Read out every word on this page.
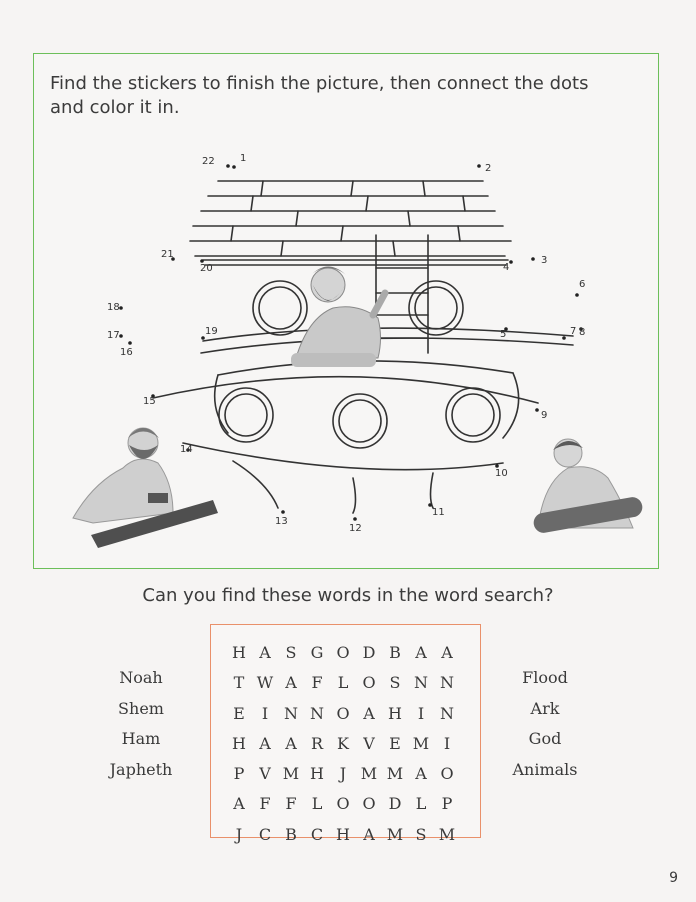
Find the stickers to finish the picture, then connect the dots and color it in.

1
2
3
4
5
6
7 8
9
10
11
12
13
14
15
16
17
18
19
20
21
22

Can you find these words in the word search?

Noah
Shem
Ham
Japheth
H A S G O D B A A
T W A F L O S N N
E	I N N O A H I N
H A A R K V E M I
P V M H J M M A O
A F F L O O D L P
J	C B C H A M S M
Flood
Ark
God
Animals
9
